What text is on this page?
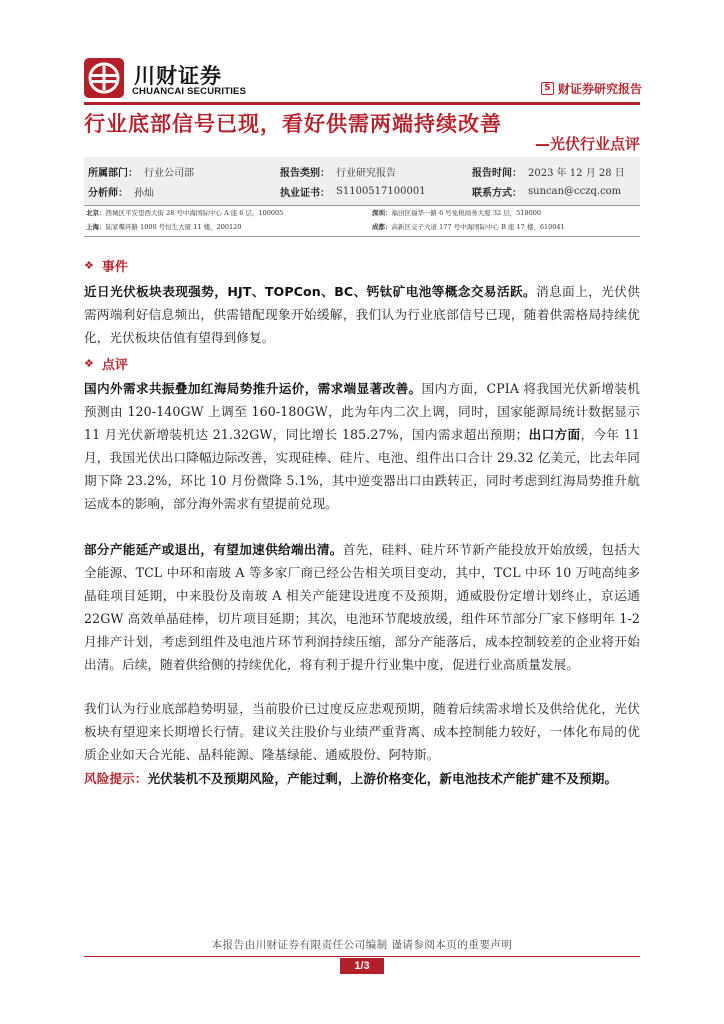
川财证券
CHUANCAI SECURITIES	S 财证券研究报告
行业底部信号已现，看好供需两端持续改善
—光伏行业点评
所属部门： 行业公司部	报告类别： 行业研究报告	报告时间： 2023 年 12 月 28 日
分析师： 孙灿	执业证书： S1100517100001	联系方式： suncan@cczq.com
北京：西城区平安里西大街 28 号中海国际中心 A 座 6 层，100005	深圳：福田区福华一路 6 号免税商务大厦 32 层，518000
上海：陆家嘴环路 1000 号恒生大厦 11 楼，200120	成都：高新区交子大道 177 号中海国际中心 B 座 17 楼，610041
❖ 事件
近日光伏板块表现强势，HJT、TOPCon、BC、钙钛矿电池等概念交易活跃。消息面上，光伏供需两端利好信息频出，供需错配现象开始缓解，我们认为行业底部信号已现，随着供需格局持续优化，光伏板块估值有望得到修复。
❖ 点评
国内外需求共振叠加红海局势推升运价，需求端显著改善。国内方面，CPIA 将我国光伏新增装机预测由 120-140GW 上调至 160-180GW，此为年内二次上调，同时，国家能源局统计数据显示 11 月光伏新增装机达 21.32GW，同比增长 185.27%，国内需求超出预期；出口方面，今年 11 月，我国光伏出口降幅边际改善，实现硅棒、硅片、电池、组件出口合计 29.32 亿美元，比去年同期下降 23.2%，环比 10 月份微降 5.1%，其中逆变器出口由跌转正，同时考虑到红海局势推升航运成本的影响，部分海外需求有望提前兑现。
部分产能延产或退出，有望加速供给端出清。首先，硅料、硅片环节新产能投放开始放缓，包括大全能源、TCL 中环和南玻 A 等多家厂商已经公告相关项目变动，其中，TCL 中环 10 万吨高纯多晶硅项目延期，中来股份及南玻 A 相关产能建设进度不及预期，通威股份定增计划终止，京运通 22GW 高效单晶硅棒，切片项目延期；其次，电池环节爬坡放缓，组件环节部分厂家下修明年 1-2 月排产计划，考虑到组件及电池片环节利润持续压缩，部分产能落后，成本控制较差的企业将开始出清。后续，随着供给侧的持续优化，将有利于提升行业集中度，促进行业高质量发展。
我们认为行业底部趋势明显，当前股价已过度反应悲观预期，随着后续需求增长及供给优化，光伏板块有望迎来长期增长行情。建议关注股价与业绩严重背离、成本控制能力较好，一体化布局的优质企业如天合光能、晶科能源、隆基绿能、通威股份、阿特斯。
风险提示：光伏装机不及预期风险，产能过剩，上游价格变化，新电池技术产能扩建不及预期。
本报告由川财证券有限责任公司编制 谨请参阅本页的重要声明
1/3
